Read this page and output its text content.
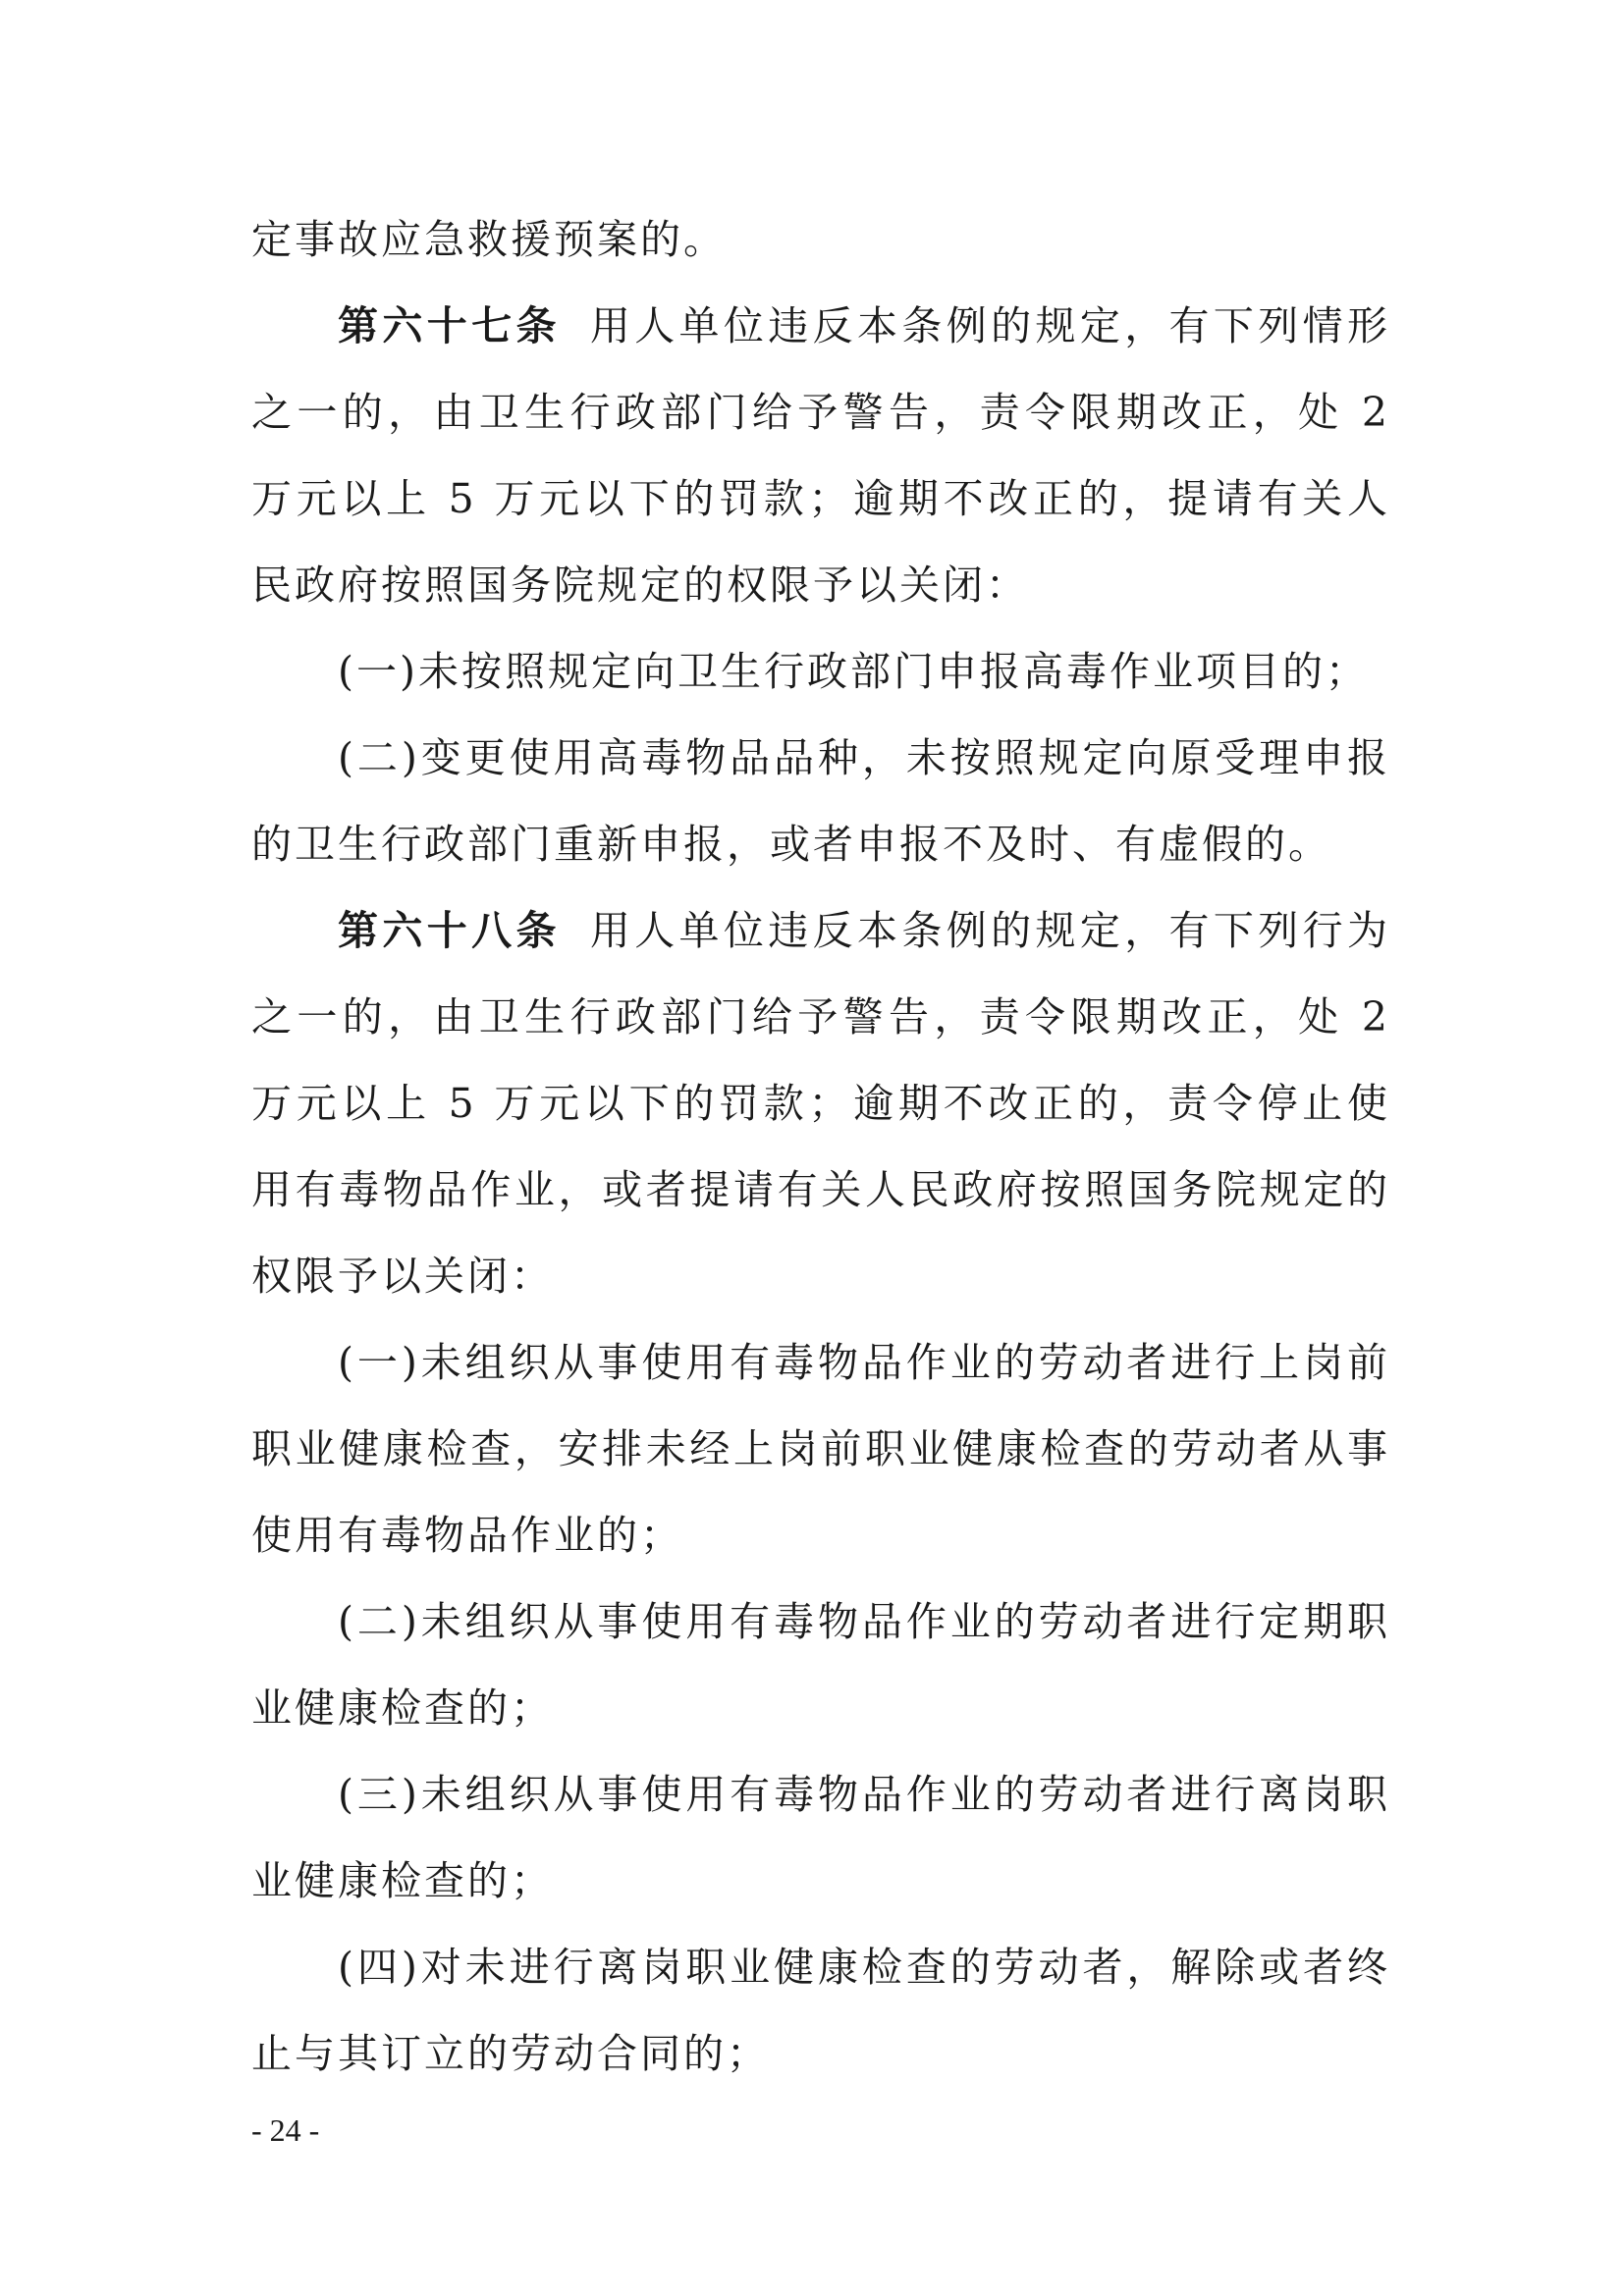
定事故应急救援预案的。

第六十七条 用人单位违反本条例的规定，有下列情形之一的，由卫生行政部门给予警告，责令限期改正，处 2 万元以上 5 万元以下的罚款；逾期不改正的，提请有关人民政府按照国务院规定的权限予以关闭：

(一)未按照规定向卫生行政部门申报高毒作业项目的；

(二)变更使用高毒物品品种，未按照规定向原受理申报的卫生行政部门重新申报，或者申报不及时、有虚假的。

第六十八条 用人单位违反本条例的规定，有下列行为之一的，由卫生行政部门给予警告，责令限期改正，处 2 万元以上 5 万元以下的罚款；逾期不改正的，责令停止使用有毒物品作业，或者提请有关人民政府按照国务院规定的权限予以关闭：

(一)未组织从事使用有毒物品作业的劳动者进行上岗前职业健康检查，安排未经上岗前职业健康检查的劳动者从事使用有毒物品作业的；

(二)未组织从事使用有毒物品作业的劳动者进行定期职业健康检查的；

(三)未组织从事使用有毒物品作业的劳动者进行离岗职业健康检查的；

(四)对未进行离岗职业健康检查的劳动者，解除或者终止与其订立的劳动合同的；

- 24 -
